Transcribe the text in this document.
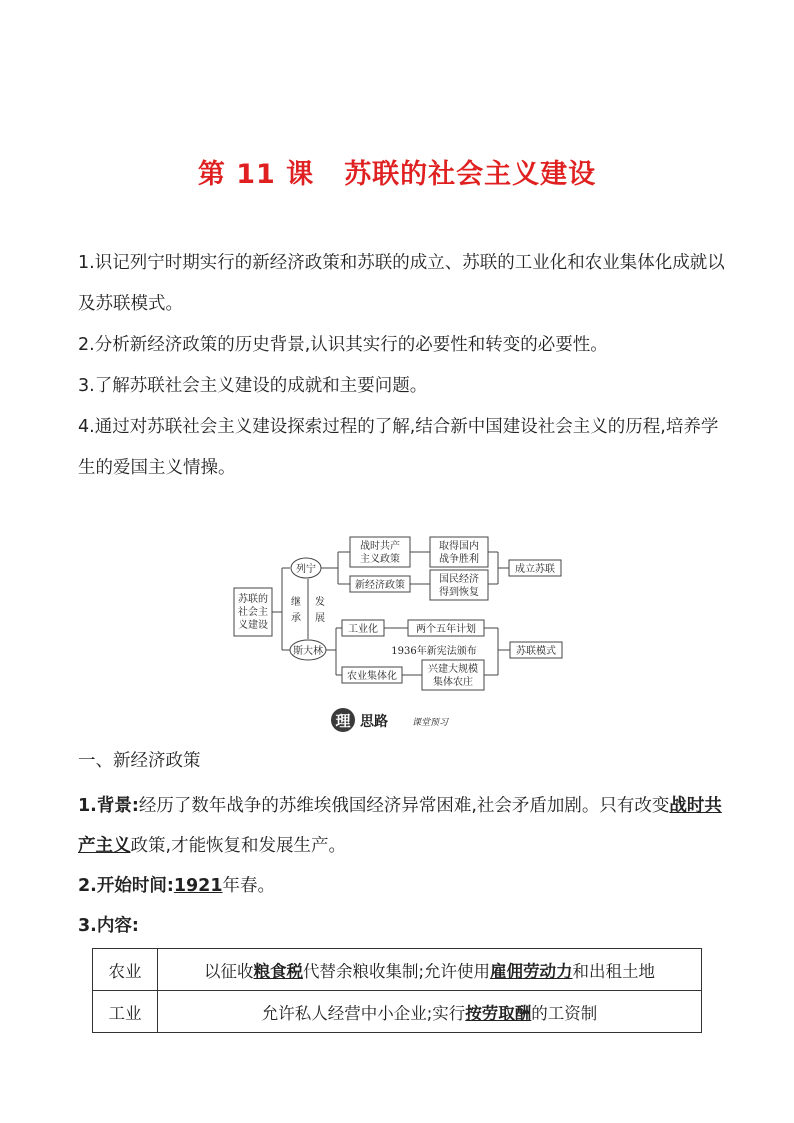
第 11 课 苏联的社会主义建设

1.识记列宁时期实行的新经济政策和苏联的成立、苏联的工业化和农业集体化成就以及苏联模式。

2.分析新经济政策的历史背景,认识其实行的必要性和转变的必要性。

3.了解苏联社会主义建设的成就和主要问题。

4.通过对苏联社会主义建设探索过程的了解,结合新中国建设社会主义的历程,培养学生的爱国主义情操。

苏联的
社会主
义建设
列宁
斯大林
继
承
发
展
战时共产
主义政策
新经济政策
取得国内
战争胜利
国民经济
得到恢复
成立苏联
工业化	两个五年计划
1936年新宪法颁布
农业集体化
兴建大规模
集体农庄
苏联模式
理 思路	课堂预习
一、新经济政策

1.背景:经历了数年战争的苏维埃俄国经济异常困难,社会矛盾加剧。只有改变战时共产主义政策,才能恢复和发展生产。

2.开始时间:1921年春。

3.内容:

农业	以征收粮食税代替余粮收集制;允许使用雇佣劳动力和出租土地
工业	允许私人经营中小企业;实行按劳取酬的工资制
